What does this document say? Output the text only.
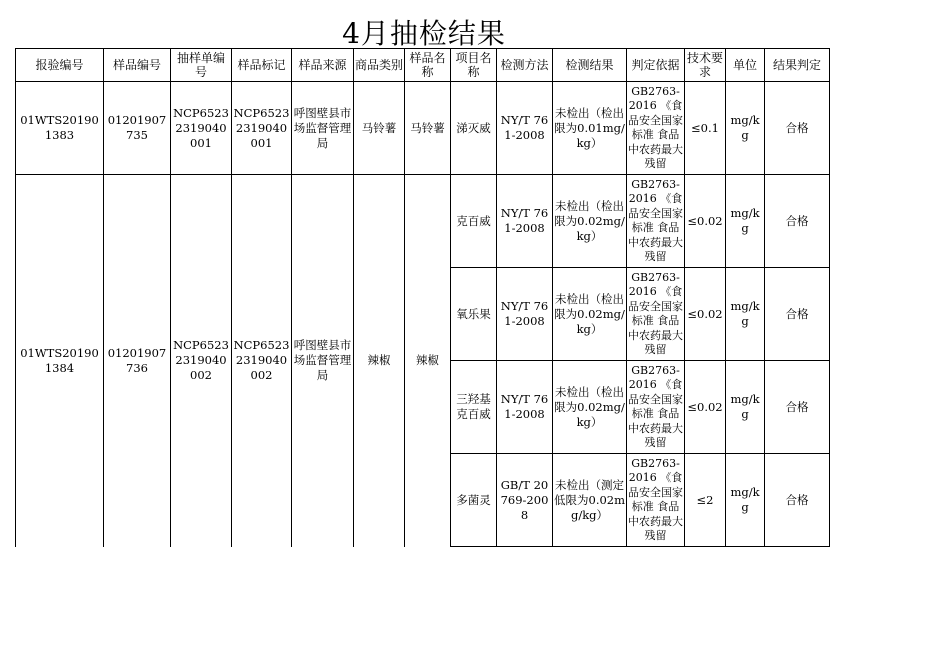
4月抽检结果
报验编号	样品编号	抽样单编号	样品标记	样品来源	商品类别	样品名称	项目名称	检测方法	检测结果	判定依据	技术要求	单位	结果判定
01WTS201901383	01201907735	NCP65232319040001	NCP65232319040001	呼图壁县市场监督管理局	马铃薯	马铃薯	涕灭威	NY/T 761-2008	未检出（检出限为0.01mg/kg）	GB2763-2016 《食品安全国家标准 食品中农药最大残留	≤0.1	mg/kg	合格
01WTS201901384	01201907736	NCP65232319040002	NCP65232319040002	呼图壁县市场监督管理局	辣椒	辣椒	克百威	NY/T 761-2008	未检出（检出限为0.02mg/kg）	GB2763-2016 《食品安全国家标准 食品中农药最大残留	≤0.02	mg/kg	合格
							氧乐果	NY/T 761-2008	未检出（检出限为0.02mg/kg）	GB2763-2016 《食品安全国家标准 食品中农药最大残留	≤0.02	mg/kg	合格
							三羟基克百威	NY/T 761-2008	未检出（检出限为0.02mg/kg）	GB2763-2016 《食品安全国家标准 食品中农药最大残留	≤0.02	mg/kg	合格
							多菌灵	GB/T 20769-2008	未检出（测定低限为0.02mg/kg）	GB2763-2016 《食品安全国家标准 食品中农药最大残留	≤2	mg/kg	合格
